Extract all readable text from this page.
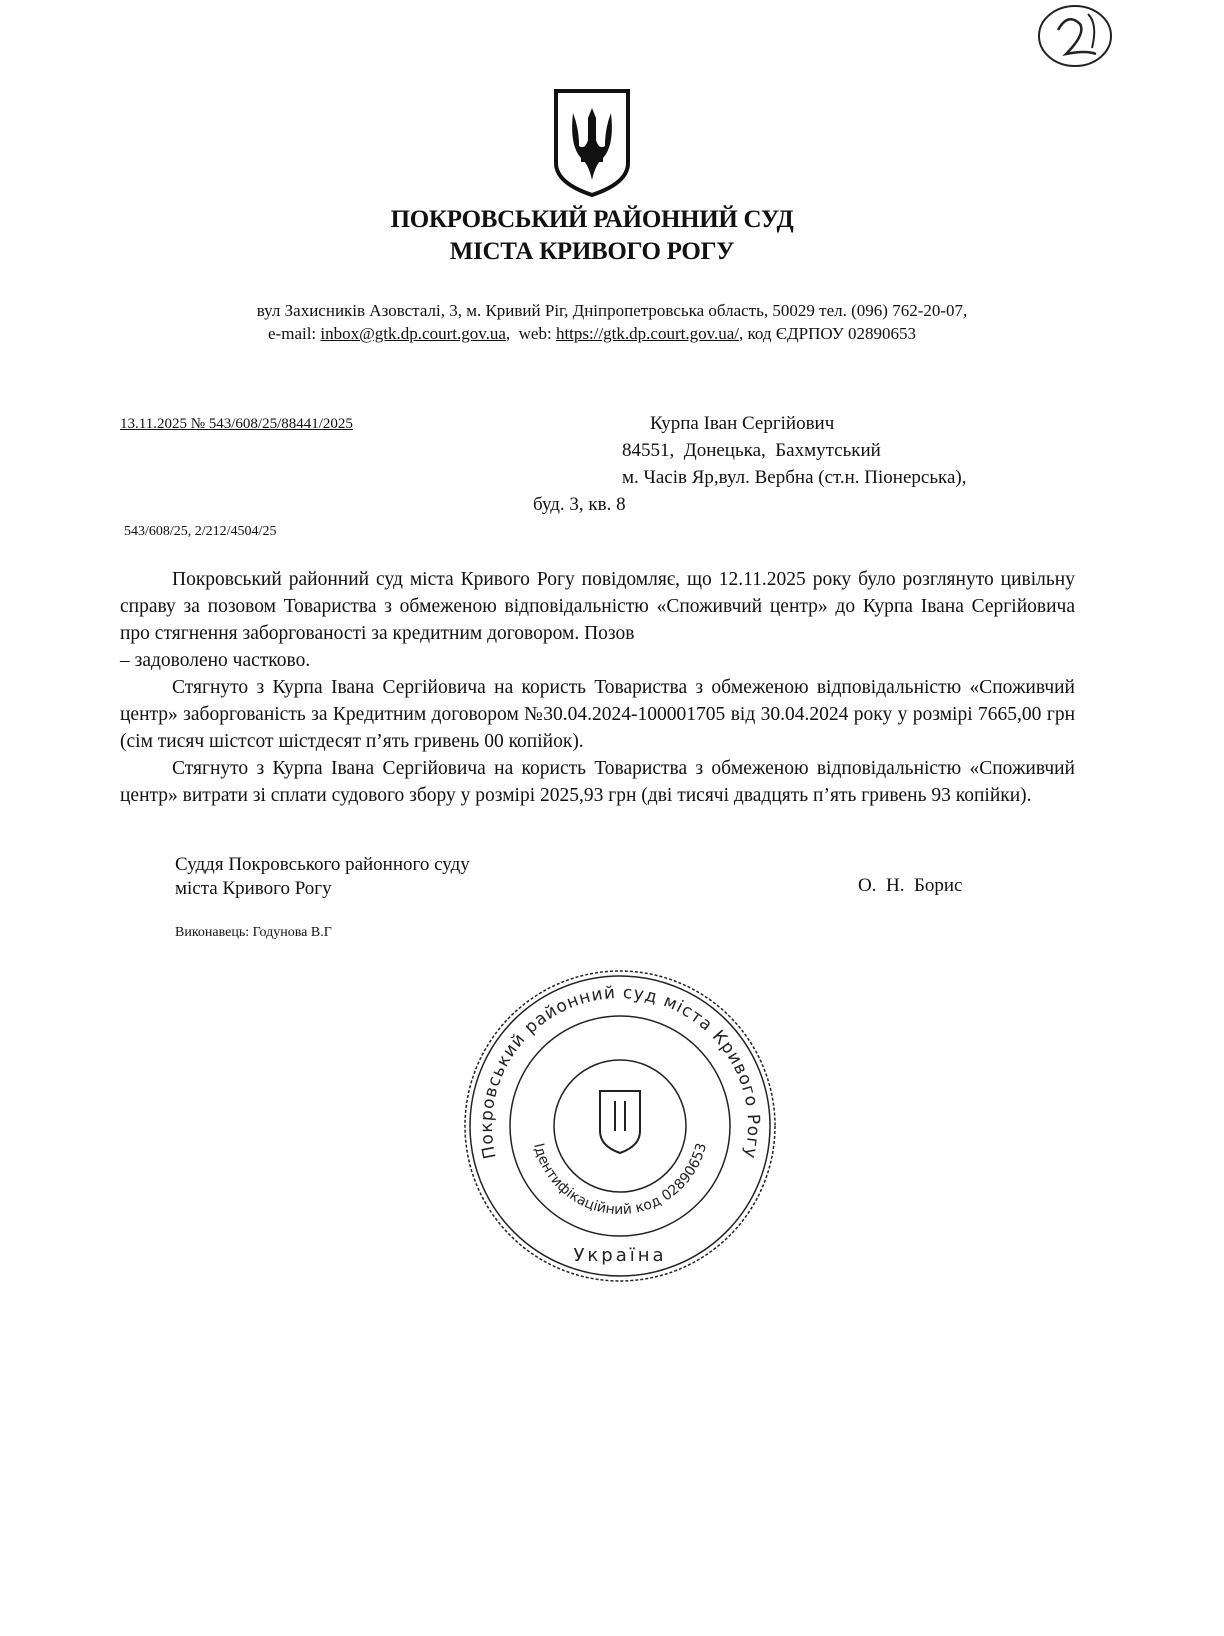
ПОКРОВСЬКИЙ РАЙОННИЙ СУД
МІСТА КРИВОГО РОГУ
вул Захисників Азовсталі, 3, м. Кривий Ріг, Дніпропетровська область, 50029 тел. (096) 762-20-07,
e-mail: inbox@gtk.dp.court.gov.ua,  web: https://gtk.dp.court.gov.ua/, код ЄДРПОУ 02890653
13.11.2025 № 543/608/25/88441/2025	Курпа Іван Сергійович
84551,  Донецька,  Бахмутський
м. Часів Яр,вул. Вербна (ст.н. Піонерська),
буд. 3, кв. 8
543/608/25, 2/212/4504/25

Покровський районний суд міста Кривого Рогу повідомляє, що 12.11.2025 року було розглянуто цивільну справу за позовом Товариства з обмеженою відповідальністю «Споживчий центр» до Курпа Івана Сергійовича про стягнення заборгованості за кредитним договором. Позов

– задоволено частково.

Стягнуто з Курпа Івана Сергійовича на користь Товариства з обмеженою відповідальністю «Споживчий центр» заборгованість за Кредитним договором №30.04.2024-100001705 від 30.04.2024 року у розмірі 7665,00 грн (сім тисяч шістсот шістдесят п’ять гривень 00 копійок).

Стягнуто з Курпа Івана Сергійовича на користь Товариства з обмеженою відповідальністю «Споживчий центр» витрати зі сплати судового збору у розмірі 2025,93 грн (дві тисячі двадцять п’ять гривень 93 копійки).

Суддя Покровського районного суду
міста Кривого Рогу	О.  Н.  Борис
Виконавець: Годунова В.Г
Покровський районний суд міста Кривого Рогу
Ідентифікаційний код 02890653
Україна
